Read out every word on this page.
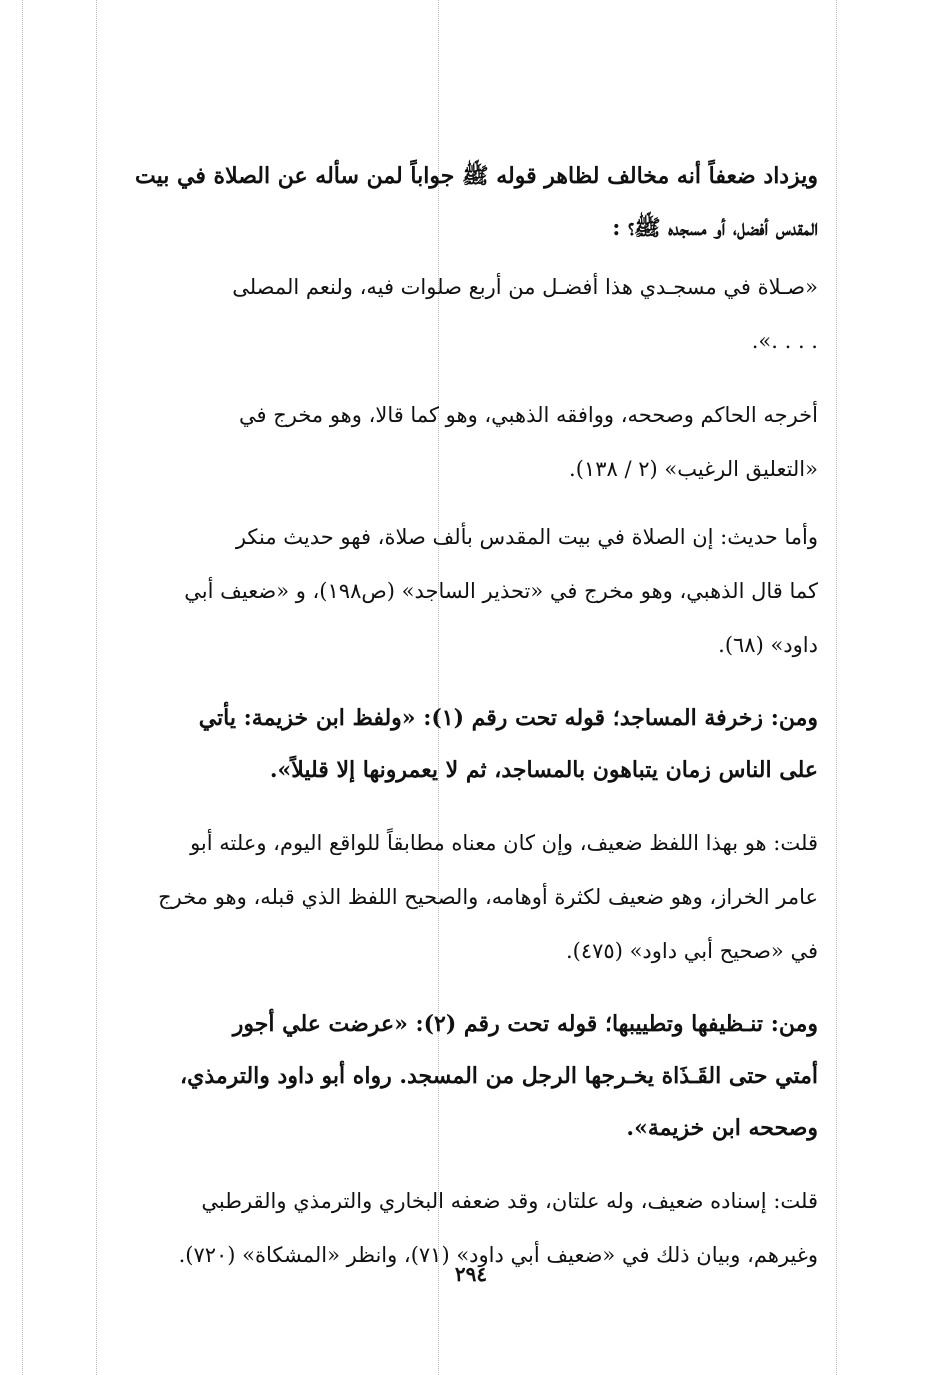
ويزداد ضعفاً أنه مخالف لظاهر قوله ﷺ جواباً لمن سأله عن الصلاة في بيت
المقدس أفضل، أو مسجده ﷺ؟ :

«صـلاة في مسجـدي هذا أفضـل من أربع صلوات فيه، ولنعم المصلى
. . . .».

أخرجه الحاكم وصححه، ووافقه الذهبي، وهو كما قالا، وهو مخرج في
«التعليق الرغيب» (٢ / ١٣٨).

وأما حديث: إن الصلاة في بيت المقدس بألف صلاة، فهو حديث منكر
كما قال الذهبي، وهو مخرج في «تحذير الساجد» (ص١٩٨)، و «ضعيف أبي
داود» (٦٨).

ومن: زخرفة المساجد؛ قوله تحت رقم (١): «ولفظ ابن خزيمة: يأتي
على الناس زمان يتباهون بالمساجد، ثم لا يعمرونها إلا قليلاً».

قلت: هو بهذا اللفظ ضعيف، وإن كان معناه مطابقاً للواقع اليوم، وعلته أبو
عامر الخراز، وهو ضعيف لكثرة أوهامه، والصحيح اللفظ الذي قبله، وهو مخرج
في «صحيح أبي داود» (٤٧٥).

ومن: تنـظيفها وتطييبها؛ قوله تحت رقم (٢): «عرضت علي أجور
أمتي حتى القَـذَاة يخـرجها الرجل من المسجد. رواه أبو داود والترمذي،
وصححه ابن خزيمة».

قلت: إسناده ضعيف، وله علتان، وقد ضعفه البخاري والترمذي والقرطبي
وغيرهم، وبيان ذلك في «ضعيف أبي داود» (٧١)، وانظر «المشكاة» (٧٢٠).

٢٩٤
